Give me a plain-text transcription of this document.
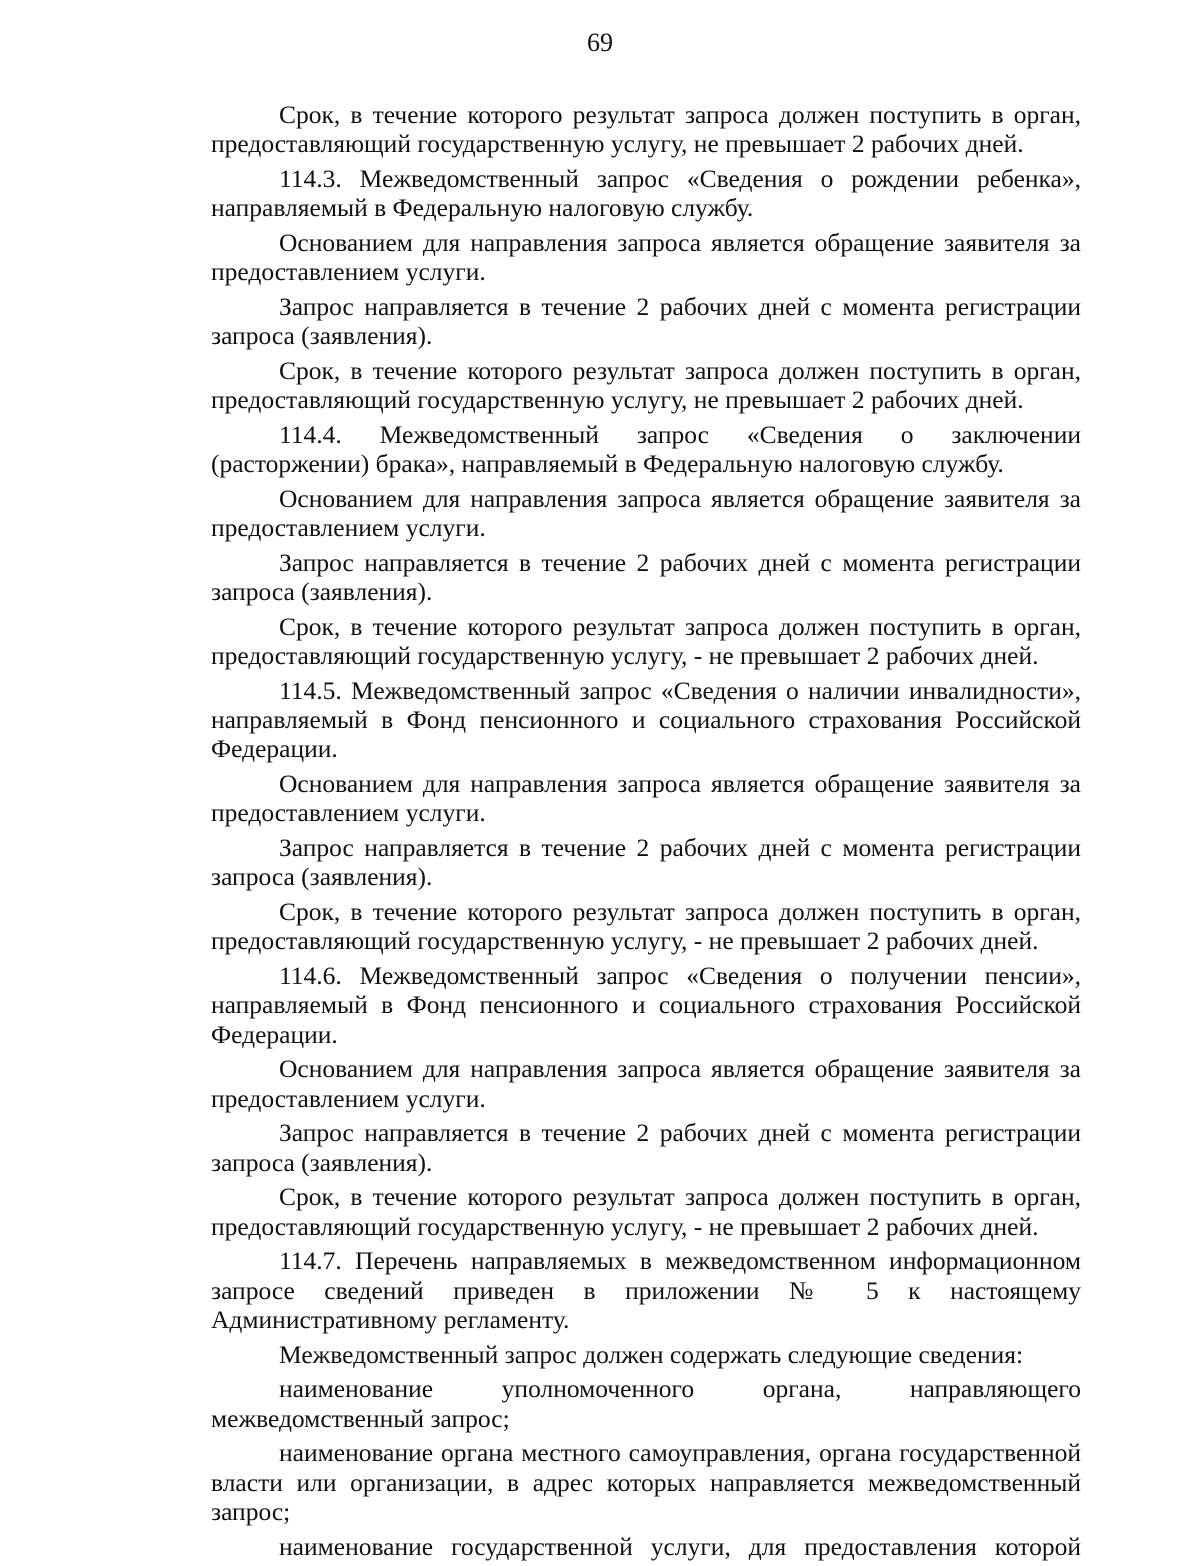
69

Срок, в течение которого результат запроса должен поступить в орган, предоставляющий государственную услугу, не превышает 2 рабочих дней.

114.3. Межведомственный запрос «Сведения о рождении ребенка», направляемый в Федеральную налоговую службу.

Основанием для направления запроса является обращение заявителя за предоставлением услуги.

Запрос направляется в течение 2 рабочих дней с момента регистрации запроса (заявления).

Срок, в течение которого результат запроса должен поступить в орган, предоставляющий государственную услугу, не превышает 2 рабочих дней.

114.4. Межведомственный запрос «Сведения о заключении (расторжении) брака», направляемый в Федеральную налоговую службу.

Основанием для направления запроса является обращение заявителя за предоставлением услуги.

Запрос направляется в течение 2 рабочих дней с момента регистрации запроса (заявления).

Срок, в течение которого результат запроса должен поступить в орган, предоставляющий государственную услугу, - не превышает 2 рабочих дней.

114.5. Межведомственный запрос «Сведения о наличии инвалидности», направляемый в Фонд пенсионного и социального страхования Российской Федерации.

Основанием для направления запроса является обращение заявителя за предоставлением услуги.

Запрос направляется в течение 2 рабочих дней с момента регистрации запроса (заявления).

Срок, в течение которого результат запроса должен поступить в орган, предоставляющий государственную услугу, - не превышает 2 рабочих дней.

114.6. Межведомственный запрос «Сведения о получении пенсии», направляемый в Фонд пенсионного и социального страхования Российской Федерации.

Основанием для направления запроса является обращение заявителя за предоставлением услуги.

Запрос направляется в течение 2 рабочих дней с момента регистрации запроса (заявления).

Срок, в течение которого результат запроса должен поступить в орган, предоставляющий государственную услугу, - не превышает 2 рабочих дней.

114.7. Перечень направляемых в межведомственном информационном запросе сведений приведен в приложении № 5 к настоящему Административному регламенту.

Межведомственный запрос должен содержать следующие сведения:

наименование уполномоченного органа, направляющего межведомственный запрос;

наименование органа местного самоуправления, органа государственной власти или организации, в адрес которых направляется межведомственный запрос;

наименование государственной услуги, для предоставления которой
